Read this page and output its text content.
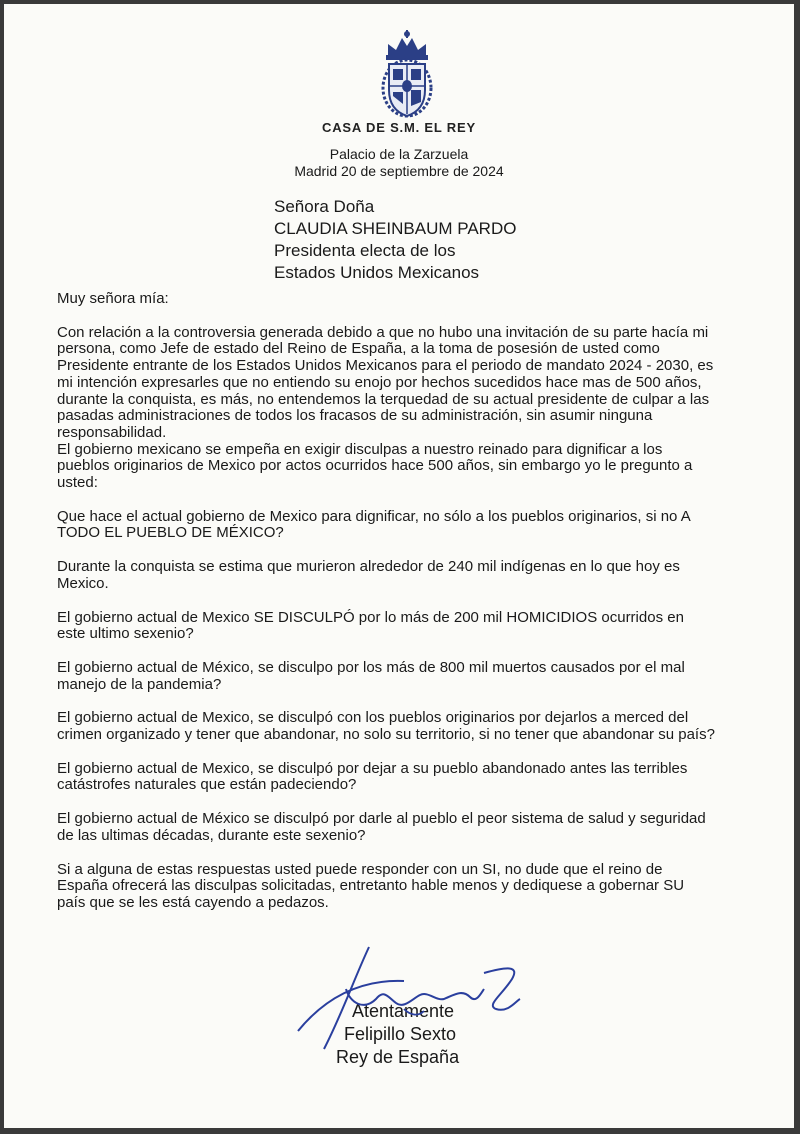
CASA DE S.M. EL REY
Palacio de la Zarzuela
Madrid 20 de septiembre de 2024
Señora Doña
CLAUDIA SHEINBAUM PARDO
Presidenta electa de los
Estados Unidos Mexicanos
Muy señora mía:
Con relación a la controversia generada debido a que no hubo una invitación de su parte hacía mi
persona, como Jefe de estado del Reino de España, a la toma de posesión de usted como
Presidente entrante de los Estados Unidos Mexicanos para el periodo de mandato 2024 - 2030, es
mi intención expresarles que no entiendo su enojo por hechos sucedidos hace mas de 500 años,
durante la conquista, es más, no entendemos la terquedad de su actual presidente de culpar a las
pasadas administraciones de todos los fracasos de su administración, sin asumir ninguna
responsabilidad.
El gobierno mexicano se empeña en exigir disculpas a nuestro reinado para dignificar a los
pueblos originarios de Mexico por actos ocurridos hace 500 años, sin embargo yo le pregunto a
usted:
Que hace el actual gobierno de Mexico para dignificar, no sólo a los pueblos originarios, si no A
TODO EL PUEBLO DE MÉXICO?
Durante la conquista se estima que murieron alrededor de 240 mil indígenas en lo que hoy es
Mexico.
El gobierno actual de Mexico SE DISCULPÓ por lo más de 200 mil HOMICIDIOS ocurridos en
este ultimo sexenio?
El gobierno actual de México, se disculpo por los más de 800 mil muertos causados por el mal
manejo de la pandemia?
El gobierno actual de Mexico, se disculpó con los pueblos originarios por dejarlos a merced del
crimen organizado y tener que abandonar, no solo su territorio, si no tener que abandonar su país?
El gobierno actual de Mexico, se disculpó por dejar a su pueblo abandonado antes las terribles
catástrofes naturales que están padeciendo?
El gobierno actual de México se disculpó por darle al pueblo el peor sistema de salud y seguridad
de las ultimas décadas, durante este sexenio?
Si a alguna de estas respuestas usted puede responder con un SI, no dude que el reino de
España ofrecerá las disculpas solicitadas, entretanto hable menos y dediquese a gobernar SU
país que se les está cayendo a pedazos.
Atentamente
Felipillo Sexto
Rey de España
